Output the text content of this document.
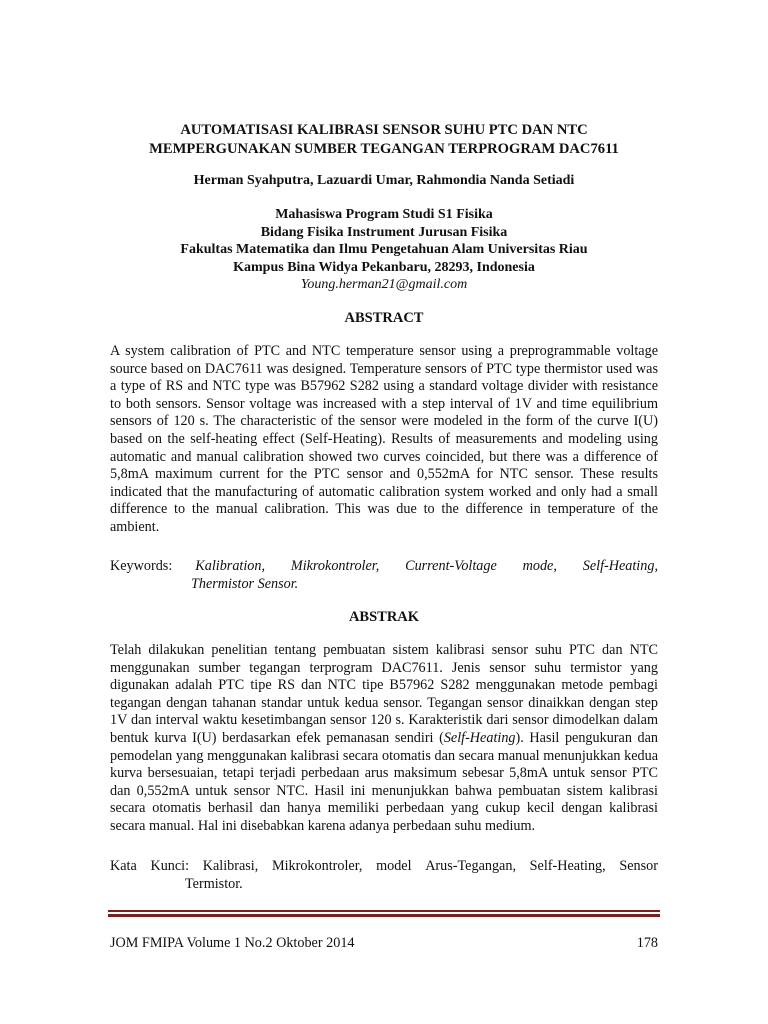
AUTOMATISASI KALIBRASI SENSOR SUHU PTC DAN NTC
MEMPERGUNAKAN SUMBER TEGANGAN TERPROGRAM DAC7611
Herman Syahputra, Lazuardi Umar, Rahmondia Nanda Setiadi
Mahasiswa Program Studi S1 Fisika
Bidang Fisika Instrument Jurusan Fisika
Fakultas Matematika dan Ilmu Pengetahuan Alam Universitas Riau
Kampus Bina Widya Pekanbaru, 28293, Indonesia
Young.herman21@gmail.com
ABSTRACT
A system calibration of PTC and NTC temperature sensor using a preprogrammable voltage source based on DAC7611 was designed. Temperature sensors of PTC type thermistor used was a type of RS and NTC type was B57962 S282 using a standard voltage divider with resistance to both sensors. Sensor voltage was increased with a step interval of 1V and time equilibrium sensors of 120 s. The characteristic of the sensor were modeled in the form of the curve I(U) based on the self-heating effect (Self-Heating). Results of measurements and modeling using automatic and manual calibration showed two curves coincided, but there was a difference of 5,8mA maximum current for the PTC sensor and 0,552mA for NTC sensor. These results indicated that the manufacturing of automatic calibration system worked and only had a small difference to the manual calibration. This was due to the difference in temperature of the ambient.
Keywords: Kalibration, Mikrokontroler, Current-Voltage mode, Self-Heating,
Thermistor Sensor.
ABSTRAK
Telah dilakukan penelitian tentang pembuatan sistem kalibrasi sensor suhu PTC dan NTC menggunakan sumber tegangan terprogram DAC7611. Jenis sensor suhu termistor yang digunakan adalah PTC tipe RS dan NTC tipe B57962 S282 menggunakan metode pembagi tegangan dengan tahanan standar untuk kedua sensor. Tegangan sensor dinaikkan dengan step 1V dan interval waktu kesetimbangan sensor 120 s. Karakteristik dari sensor dimodelkan dalam bentuk kurva I(U) berdasarkan efek pemanasan sendiri (Self-Heating). Hasil pengukuran dan pemodelan yang menggunakan kalibrasi secara otomatis dan secara manual menunjukkan kedua kurva bersesuaian, tetapi terjadi perbedaan arus maksimum sebesar 5,8mA untuk sensor PTC dan 0,552mA untuk sensor NTC. Hasil ini menunjukkan bahwa pembuatan sistem kalibrasi secara otomatis berhasil dan hanya memiliki perbedaan yang cukup kecil dengan kalibrasi secara manual. Hal ini disebabkan karena adanya perbedaan suhu medium.
Kata Kunci: Kalibrasi, Mikrokontroler, model Arus-Tegangan, Self-Heating, Sensor
Termistor.
JOM FMIPA Volume 1 No.2 Oktober 2014	178
